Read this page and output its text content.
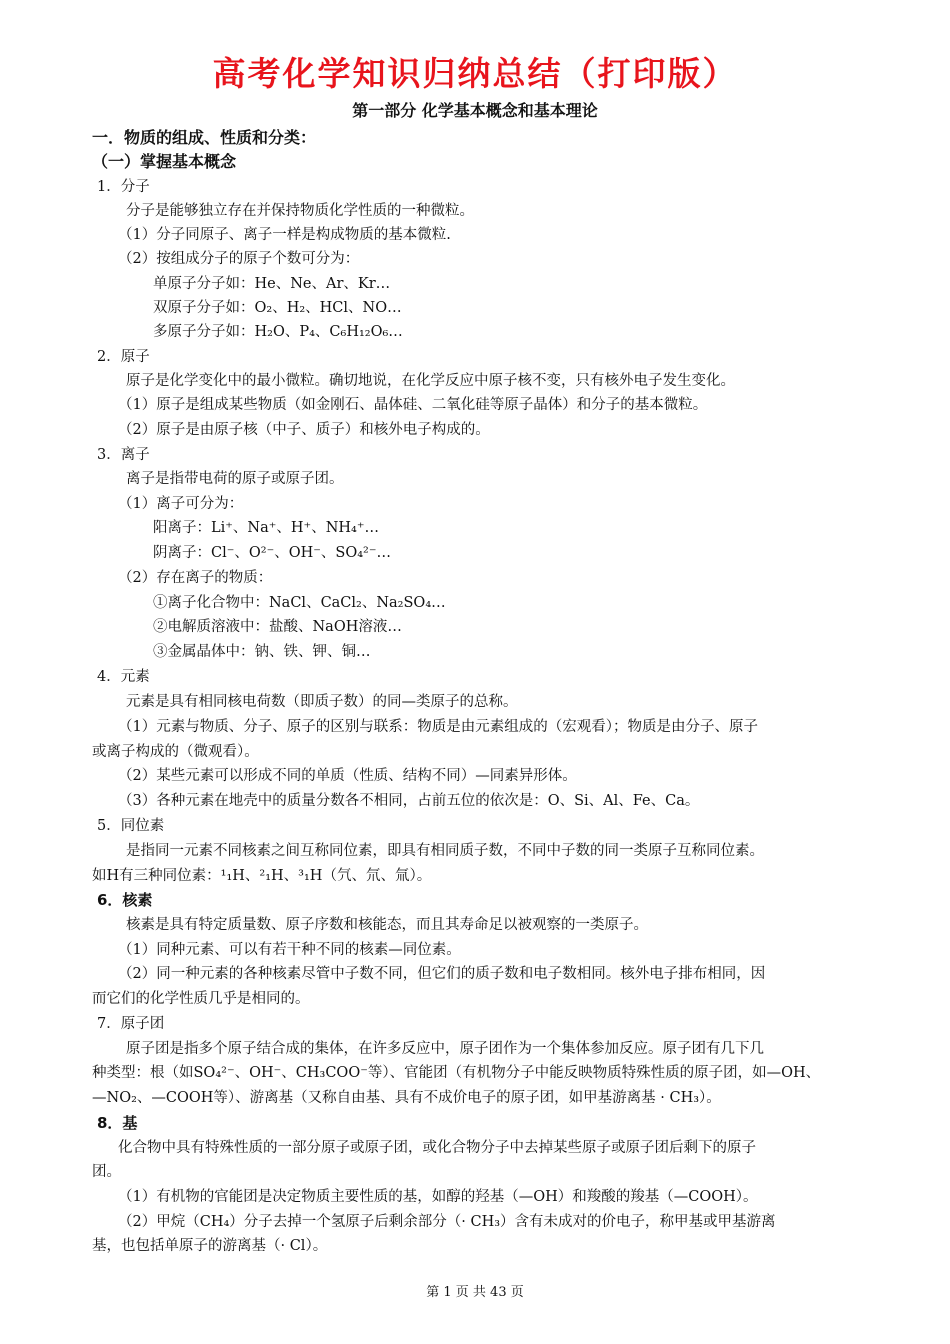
高考化学知识归纳总结（打印版）
第一部分 化学基本概念和基本理论
一．物质的组成、性质和分类：
（一）掌握基本概念
1．分子
分子是能够独立存在并保持物质化学性质的一种微粒。
（1）分子同原子、离子一样是构成物质的基本微粒.
（2）按组成分子的原子个数可分为：
单原子分子如：He、Ne、Ar、Kr…
双原子分子如：O₂、H₂、HCl、NO…
多原子分子如：H₂O、P₄、C₆H₁₂O₆…
2．原子
原子是化学变化中的最小微粒。确切地说，在化学反应中原子核不变，只有核外电子发生变化。
（1）原子是组成某些物质（如金刚石、晶体硅、二氧化硅等原子晶体）和分子的基本微粒。
（2）原子是由原子核（中子、质子）和核外电子构成的。
3．离子
离子是指带电荷的原子或原子团。
（1）离子可分为：
阳离子：Li⁺、Na⁺、H⁺、NH₄⁺…
阴离子：Cl⁻、O²⁻、OH⁻、SO₄²⁻…
（2）存在离子的物质：
①离子化合物中：NaCl、CaCl₂、Na₂SO₄…
②电解质溶液中：盐酸、NaOH溶液…
③金属晶体中：钠、铁、钾、铜…
4．元素
元素是具有相同核电荷数（即质子数）的同—类原子的总称。
（1）元素与物质、分子、原子的区别与联系：物质是由元素组成的（宏观看）；物质是由分子、原子
或离子构成的（微观看）。
（2）某些元素可以形成不同的单质（性质、结构不同）—同素异形体。
（3）各种元素在地壳中的质量分数各不相同，占前五位的依次是：O、Si、Al、Fe、Ca。
5．同位素
是指同一元素不同核素之间互称同位素，即具有相同质子数，不同中子数的同一类原子互称同位素。
如H有三种同位素：¹₁H、²₁H、³₁H（氕、氘、氚）。
6．核素
核素是具有特定质量数、原子序数和核能态，而且其寿命足以被观察的一类原子。
（1）同种元素、可以有若干种不同的核素—同位素。
（2）同一种元素的各种核素尽管中子数不同，但它们的质子数和电子数相同。核外电子排布相同，因
而它们的化学性质几乎是相同的。
7．原子团
原子团是指多个原子结合成的集体，在许多反应中，原子团作为一个集体参加反应。原子团有几下几
种类型：根（如SO₄²⁻、OH⁻、CH₃COO⁻等）、官能团（有机物分子中能反映物质特殊性质的原子团，如—OH、
—NO₂、—COOH等）、游离基（又称自由基、具有不成价电子的原子团，如甲基游离基 · CH₃）。
8．基
化合物中具有特殊性质的一部分原子或原子团，或化合物分子中去掉某些原子或原子团后剩下的原子
团。
（1）有机物的官能团是决定物质主要性质的基，如醇的羟基（—OH）和羧酸的羧基（—COOH）。
（2）甲烷（CH₄）分子去掉一个氢原子后剩余部分（· CH₃）含有未成对的价电子，称甲基或甲基游离
基，也包括单原子的游离基（· Cl）。
第 1 页 共 43 页
